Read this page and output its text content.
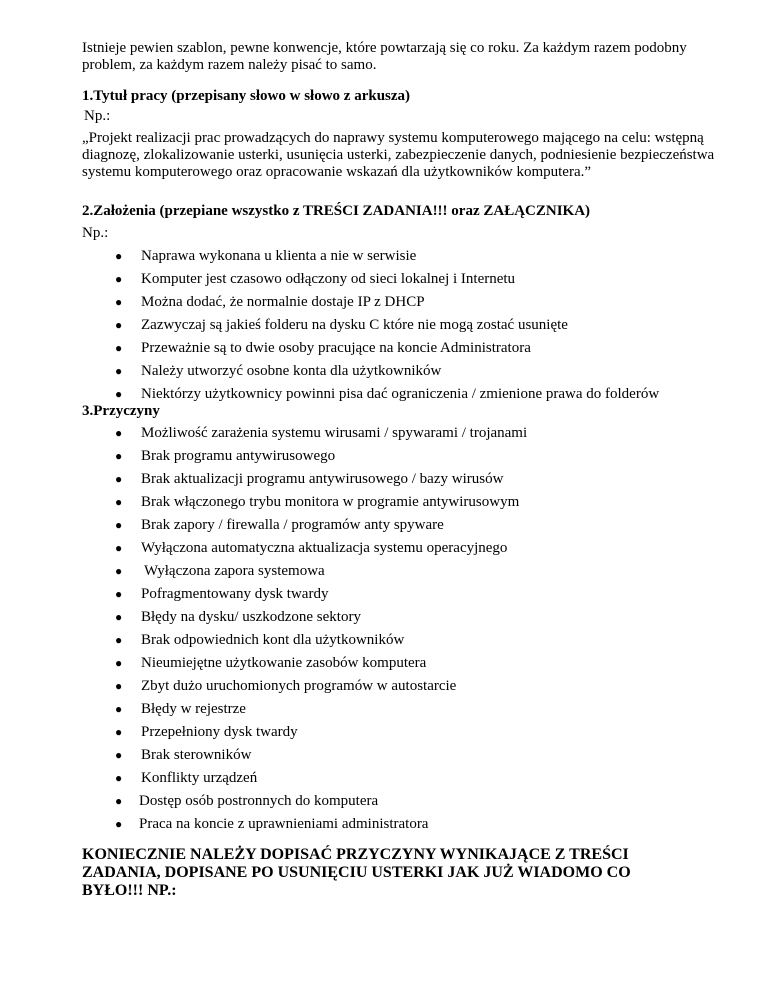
Istnieje pewien szablon, pewne konwencje, które powtarzają się co roku. Za każdym razem podobny problem, za każdym razem należy pisać to samo.

1.Tytuł pracy (przepisany słowo w słowo z arkusza)

Np.:

„Projekt realizacji prac prowadzących do naprawy systemu komputerowego mającego na celu: wstępną diagnozę, zlokalizowanie usterki, usunięcia usterki, zabezpieczenie danych, podniesienie bezpieczeństwa systemu komputerowego oraz opracowanie wskazań dla użytkowników komputera.”

2.Założenia (przepiane wszystko z TREŚCI ZADANIA!!! oraz ZAŁĄCZNIKA)

Np.:

● Naprawa wykonana u klienta a nie w serwisie
● Komputer jest czasowo odłączony od sieci lokalnej i Internetu
● Można dodać, że normalnie dostaje IP z DHCP
● Zazwyczaj są jakieś folderu na dysku C które nie mogą zostać usunięte
● Przeważnie są to dwie osoby pracujące na koncie Administratora
● Należy utworzyć osobne konta dla użytkowników
● Niektórzy użytkownicy powinni pisa dać ograniczenia / zmienione prawa do folderów

3.Przyczyny

● Możliwość zarażenia systemu wirusami / spywarami / trojanami
● Brak programu antywirusowego
● Brak aktualizacji programu antywirusowego / bazy wirusów
● Brak włączonego trybu monitora w programie antywirusowym
● Brak zapory / firewalla / programów anty spyware
● Wyłączona automatyczna aktualizacja systemu operacyjnego
● Wyłączona zapora systemowa
● Pofragmentowany dysk twardy
● Błędy na dysku/ uszkodzone sektory
● Brak odpowiednich kont dla użytkowników
● Nieumiejętne użytkowanie zasobów komputera
● Zbyt dużo uruchomionych programów w autostarcie
● Błędy w rejestrze
● Przepełniony dysk twardy
● Brak sterowników
● Konflikty urządzeń
● Dostęp osób postronnych do komputera
● Praca na koncie z uprawnieniami administratora

KONIECZNIE NALEŻY DOPISAĆ PRZYCZYNY WYNIKAJĄCE Z TREŚCI ZADANIA, DOPISANE PO USUNIĘCIU USTERKI JAK JUŻ WIADOMO CO BYŁO!!! NP.:
